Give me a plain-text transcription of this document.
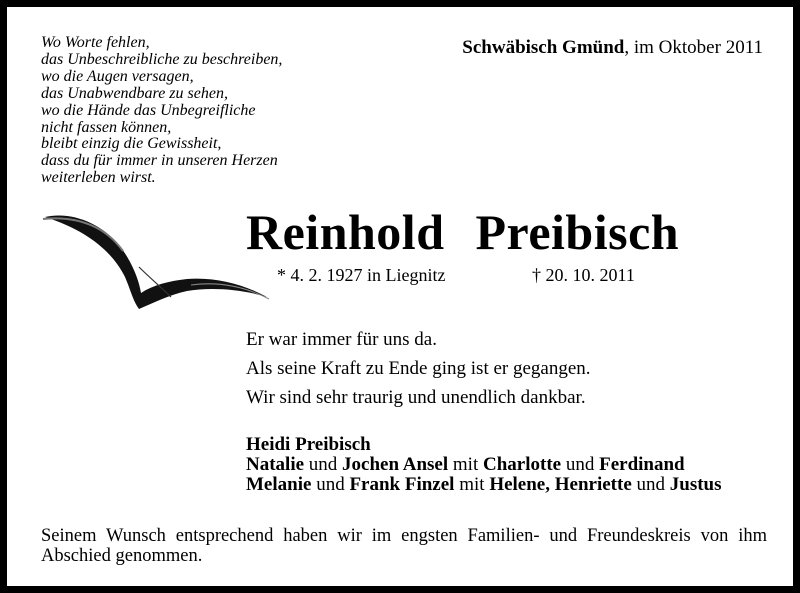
Wo Worte fehlen,
das Unbeschreibliche zu beschreiben,
wo die Augen versagen,
das Unabwendbare zu sehen,
wo die Hände das Unbegreifliche
nicht fassen können,
bleibt einzig die Gewissheit,
dass du für immer in unseren Herzen
weiterleben wirst.
Schwäbisch Gmünd, im Oktober 2011
Reinhold Preibisch
* 4. 2. 1927 in Liegnitz	† 20. 10. 2011
Er war immer für uns da.
Als seine Kraft zu Ende ging ist er gegangen.
Wir sind sehr traurig und unendlich dankbar.
Heidi Preibisch
Natalie und Jochen Ansel mit Charlotte und Ferdinand
Melanie und Frank Finzel mit Helene, Henriette und Justus
Seinem Wunsch entsprechend haben wir im engsten Familien- und Freundeskreis von ihm Abschied genommen.
